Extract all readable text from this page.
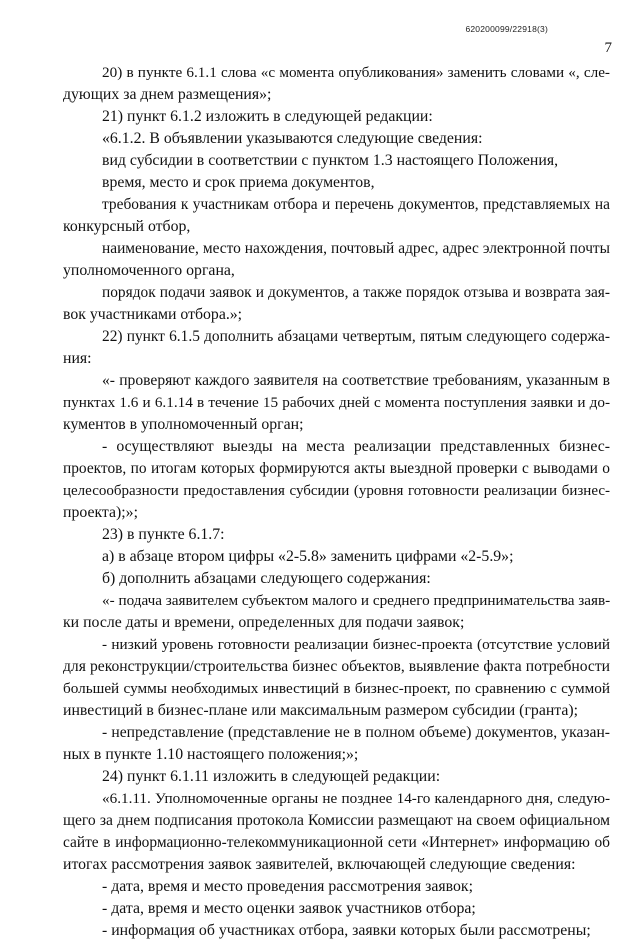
620200099/22918(3)
7
20) в пункте 6.1.1 слова «с момента опубликования» заменить словами «, сле-
дующих за днем размещения»;
21) пункт 6.1.2 изложить в следующей редакции:
«6.1.2. В объявлении указываются следующие сведения:
вид субсидии в соответствии с пунктом 1.3 настоящего Положения,
время, место и срок приема документов,
требования к участникам отбора и перечень документов, представляемых на
конкурсный отбор,
наименование, место нахождения, почтовый адрес, адрес электронной почты
уполномоченного органа,
порядок подачи заявок и документов, а также порядок отзыва и возврата зая-
вок участниками отбора.»;
22) пункт 6.1.5 дополнить абзацами четвертым, пятым следующего содержа-
ния:
«- проверяют каждого заявителя на соответствие требованиям, указанным в
пунктах 1.6 и 6.1.14 в течение 15 рабочих дней с момента поступления заявки и до-
кументов в уполномоченный орган;
- осуществляют выезды на места реализации представленных бизнес-
проектов, по итогам которых формируются акты выездной проверки с выводами о
целесообразности предоставления субсидии (уровня готовности реализации бизнес-
проекта);»;
23) в пункте 6.1.7:
а) в абзаце втором цифры «2-5.8» заменить цифрами «2-5.9»;
б) дополнить абзацами следующего содержания:
«- подача заявителем субъектом малого и среднего предпринимательства заяв-
ки после даты и времени, определенных для подачи заявок;
- низкий уровень готовности реализации бизнес-проекта (отсутствие условий
для реконструкции/строительства бизнес объектов, выявление факта потребности
большей суммы необходимых инвестиций в бизнес-проект, по сравнению с суммой
инвестиций в бизнес-плане или максимальным размером субсидии (гранта);
- непредставление (представление не в полном объеме) документов, указан-
ных в пункте 1.10 настоящего положения;»;
24) пункт 6.1.11 изложить в следующей редакции:
«6.1.11. Уполномоченные органы не позднее 14-го календарного дня, следую-
щего за днем подписания протокола Комиссии размещают на своем официальном
сайте в информационно-телекоммуникационной сети «Интернет» информацию об
итогах рассмотрения заявок заявителей, включающей следующие сведения:
- дата, время и место проведения рассмотрения заявок;
- дата, время и место оценки заявок участников отбора;
- информация об участниках отбора, заявки которых были рассмотрены;
